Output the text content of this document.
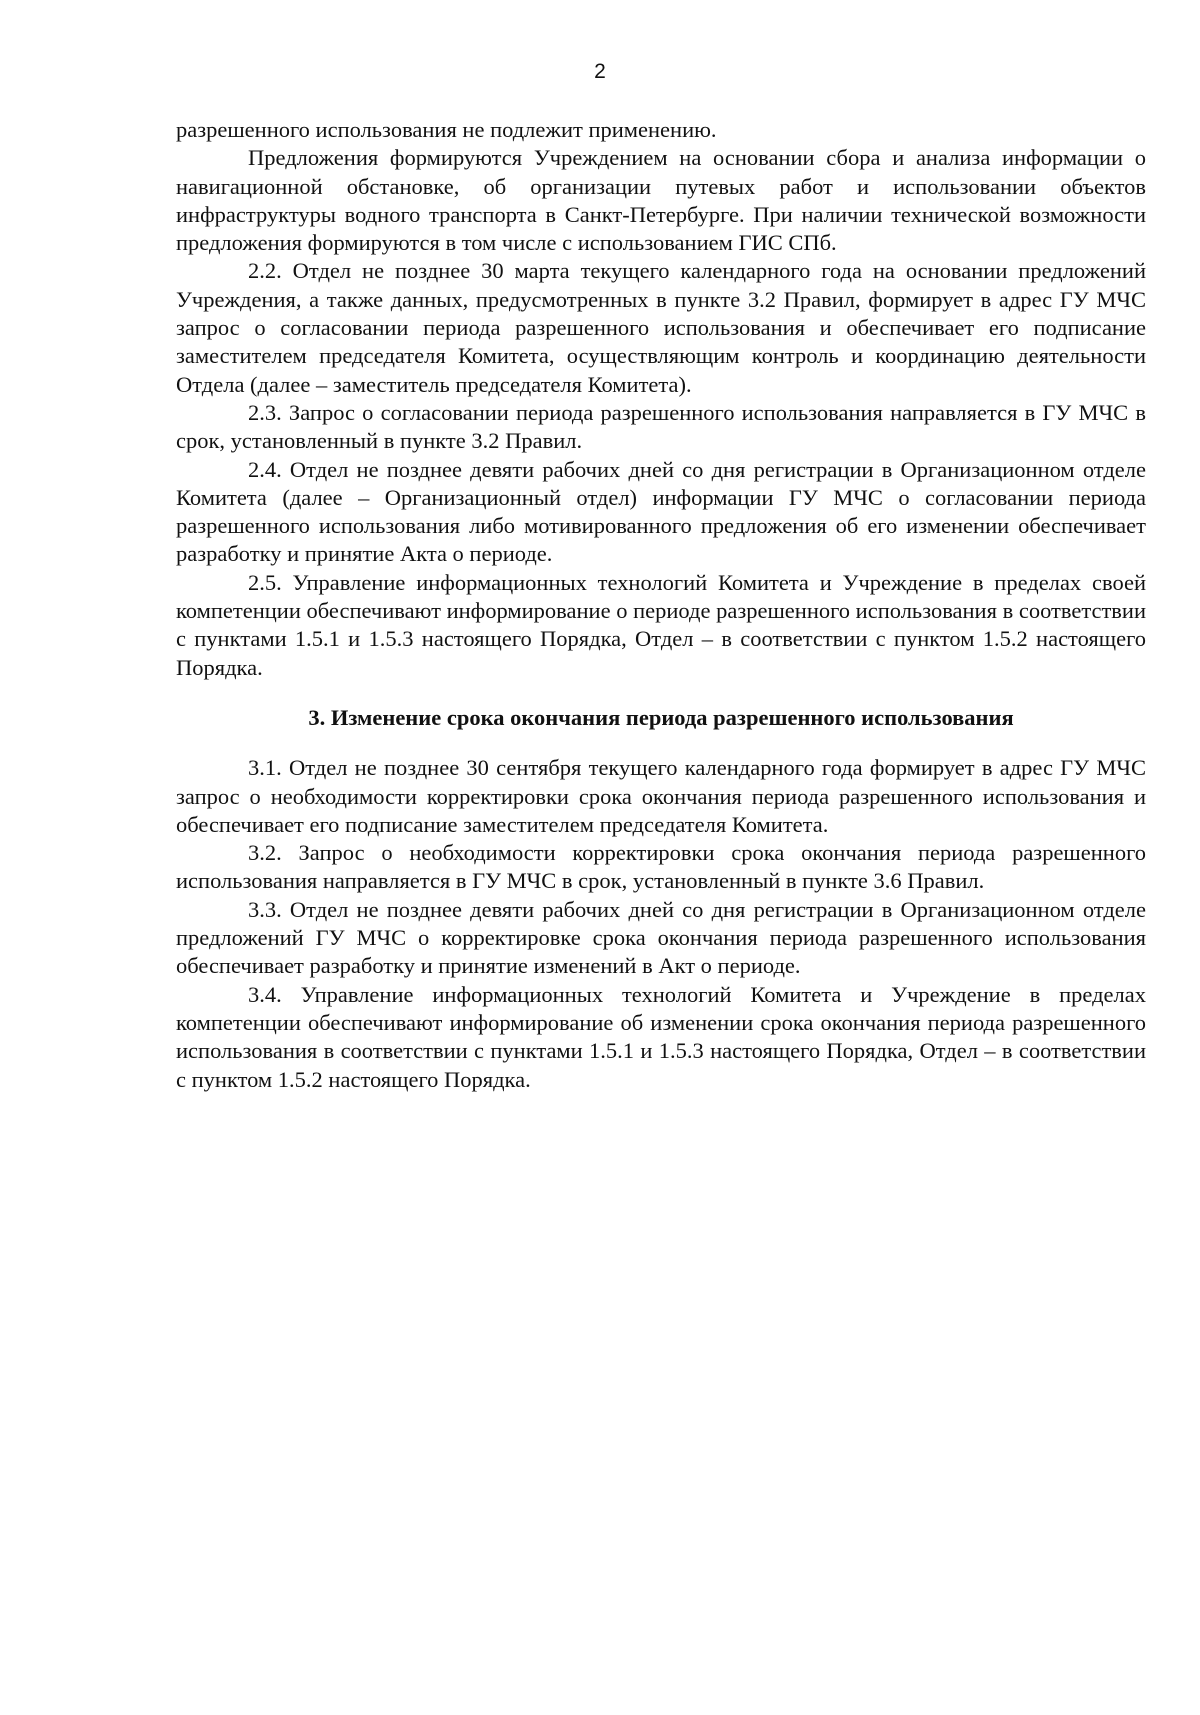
2

разрешенного использования не подлежит применению.

Предложения формируются Учреждением на основании сбора и анализа информации о навигационной обстановке, об организации путевых работ и использовании объектов инфраструктуры водного транспорта в Санкт-Петербурге. При наличии технической возможности предложения формируются в том числе с использованием ГИС СПб.

2.2. Отдел не позднее 30 марта текущего календарного года на основании предложений Учреждения, а также данных, предусмотренных в пункте 3.2 Правил, формирует в адрес ГУ МЧС запрос о согласовании периода разрешенного использования и обеспечивает его подписание заместителем председателя Комитета, осуществляющим контроль и координацию деятельности Отдела (далее – заместитель председателя Комитета).

2.3. Запрос о согласовании периода разрешенного использования направляется в ГУ МЧС в срок, установленный в пункте 3.2 Правил.

2.4. Отдел не позднее девяти рабочих дней со дня регистрации в Организационном отделе Комитета (далее – Организационный отдел) информации ГУ МЧС о согласовании периода разрешенного использования либо мотивированного предложения об его изменении обеспечивает разработку и принятие Акта о периоде.

2.5. Управление информационных технологий Комитета и Учреждение в пределах своей компетенции обеспечивают информирование о периоде разрешенного использования в соответствии с пунктами 1.5.1 и 1.5.3 настоящего Порядка, Отдел – в соответствии с пунктом 1.5.2 настоящего Порядка.

3. Изменение срока окончания периода разрешенного использования

3.1. Отдел не позднее 30 сентября текущего календарного года формирует в адрес ГУ МЧС запрос о необходимости корректировки срока окончания периода разрешенного использования и обеспечивает его подписание заместителем председателя Комитета.

3.2. Запрос о необходимости корректировки срока окончания периода разрешенного использования направляется в ГУ МЧС в срок, установленный в пункте 3.6 Правил.

3.3. Отдел не позднее девяти рабочих дней со дня регистрации в Организационном отделе предложений ГУ МЧС о корректировке срока окончания периода разрешенного использования обеспечивает разработку и принятие изменений в Акт о периоде.

3.4. Управление информационных технологий Комитета и Учреждение в пределах компетенции обеспечивают информирование об изменении срока окончания периода разрешенного использования в соответствии с пунктами 1.5.1 и 1.5.3 настоящего Порядка, Отдел – в соответствии с пунктом 1.5.2 настоящего Порядка.
